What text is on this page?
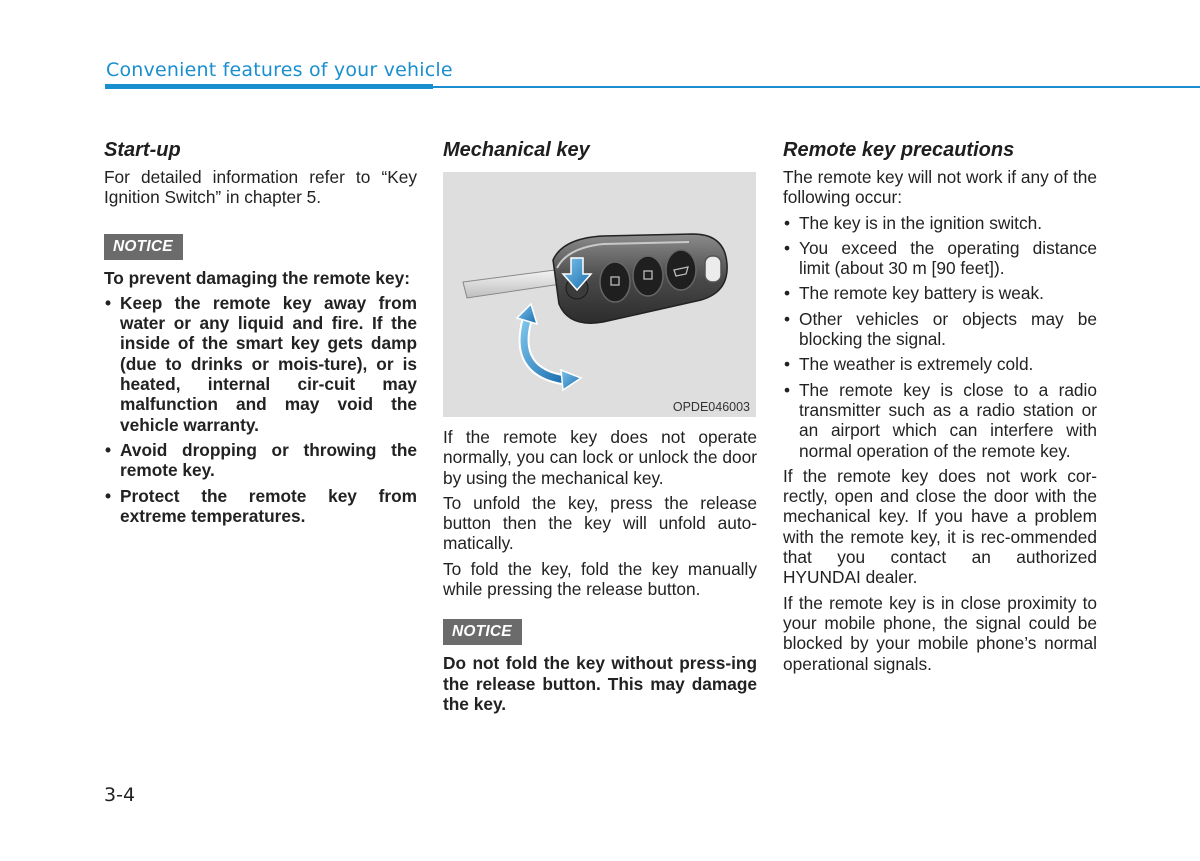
Convenient features of your vehicle
Start-up

For detailed information refer to “Key Ignition Switch” in chapter 5.

NOTICE

To prevent damaging the remote key:

• Keep the remote key away from water or any liquid and fire. If the inside of the smart key gets damp (due to drinks or mois-ture), or is heated, internal cir-cuit may malfunction and may void the vehicle warranty.
• Avoid dropping or throwing the remote key.
• Protect the remote key from extreme temperatures.
Mechanical key
OPDE046003

If the remote key does not operate normally, you can lock or unlock the door by using the mechanical key.

To unfold the key, press the release button then the key will unfold auto-matically.

To fold the key, fold the key manually while pressing the release button.

NOTICE

Do not fold the key without press-ing the release button. This may damage the key.

Remote key precautions

The remote key will not work if any of the following occur:

• The key is in the ignition switch.
• You exceed the operating distance limit (about 30 m [90 feet]).
• The remote key battery is weak.
• Other vehicles or objects may be blocking the signal.
• The weather is extremely cold.
• The remote key is close to a radio transmitter such as a radio station or an airport which can interfere with normal operation of the remote key.

If the remote key does not work cor-rectly, open and close the door with the mechanical key. If you have a problem with the remote key, it is rec-ommended that you contact an authorized HYUNDAI dealer.

If the remote key is in close proximity to your mobile phone, the signal could be blocked by your mobile phone’s normal operational signals.

3-4
